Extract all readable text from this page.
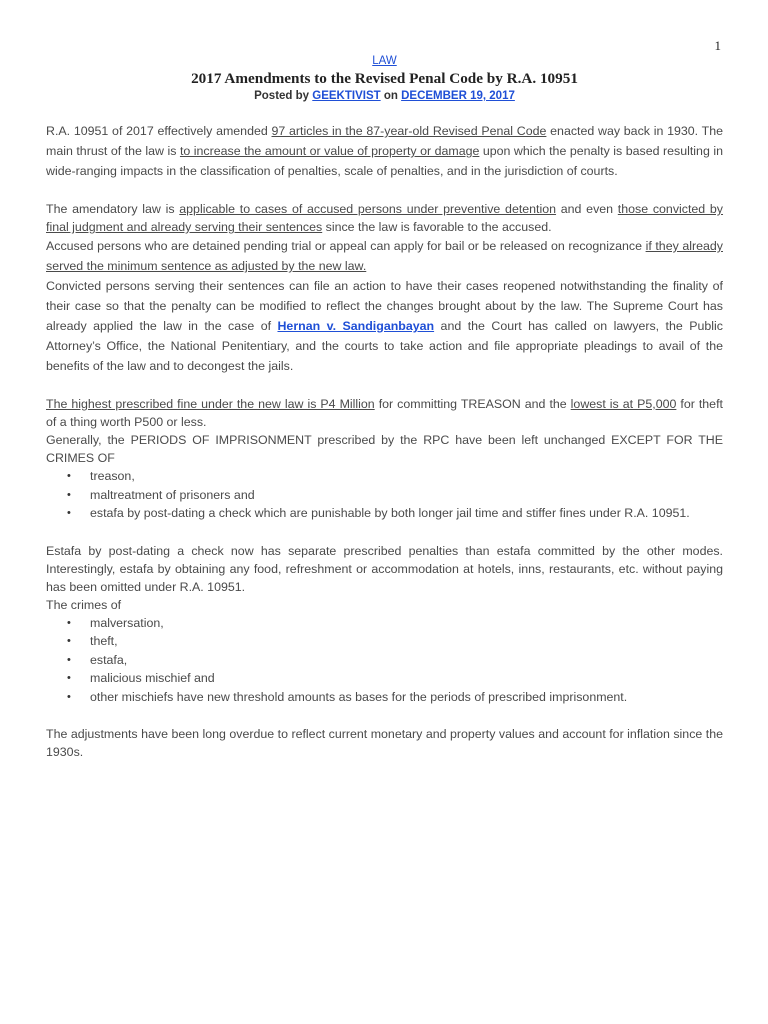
1
LAW
2017 Amendments to the Revised Penal Code by R.A. 10951
Posted by GEEKTIVIST on DECEMBER 19, 2017

R.A. 10951 of 2017 effectively amended 97 articles in the 87-year-old Revised Penal Code enacted way back in 1930. The main thrust of the law is to increase the amount or value of property or damage upon which the penalty is based resulting in wide-ranging impacts in the classification of penalties, scale of penalties, and in the jurisdiction of courts.

The amendatory law is applicable to cases of accused persons under preventive detention and even those convicted by final judgment and already serving their sentences since the law is favorable to the accused.

Accused persons who are detained pending trial or appeal can apply for bail or be released on recognizance if they already served the minimum sentence as adjusted by the new law.

Convicted persons serving their sentences can file an action to have their cases reopened notwithstanding the finality of their case so that the penalty can be modified to reflect the changes brought about by the law. The Supreme Court has already applied the law in the case of Hernan v. Sandiganbayan and the Court has called on lawyers, the Public Attorney’s Office, the National Penitentiary, and the courts to take action and file appropriate pleadings to avail of the benefits of the law and to decongest the jails.

The highest prescribed fine under the new law is P4 Million for committing TREASON and the lowest is at P5,000 for theft of a thing worth P500 or less.

Generally, the PERIODS OF IMPRISONMENT prescribed by the RPC have been left unchanged EXCEPT FOR THE CRIMES OF

• treason,
• maltreatment of prisoners and
• estafa by post-dating a check which are punishable by both longer jail time and stiffer fines under R.A. 10951.

Estafa by post-dating a check now has separate prescribed penalties than estafa committed by the other modes. Interestingly, estafa by obtaining any food, refreshment or accommodation at hotels, inns, restaurants, etc. without paying has been omitted under R.A. 10951.

The crimes of

• malversation,
• theft,
• estafa,
• malicious mischief and
• other mischiefs have new threshold amounts as bases for the periods of prescribed imprisonment.

The adjustments have been long overdue to reflect current monetary and property values and account for inflation since the 1930s.
